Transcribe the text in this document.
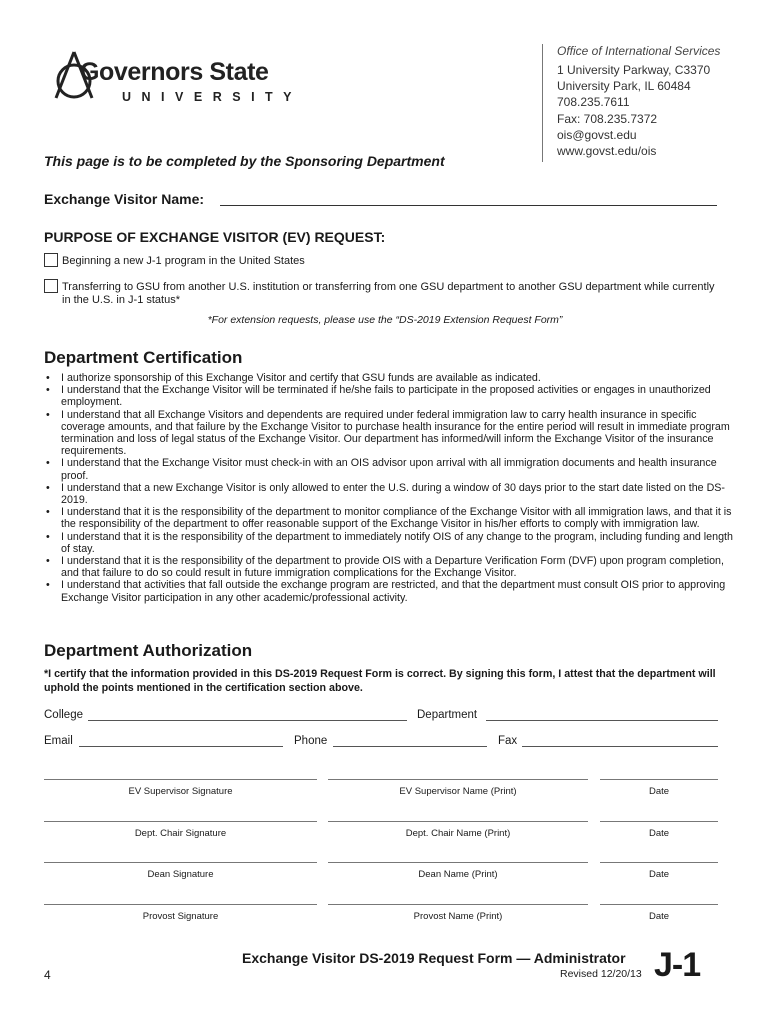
Governors State
UNIVERSITY
Office of International Services
1 University Parkway, C3370
University Park, IL 60484
708.235.7611
Fax: 708.235.7372
ois@govst.edu
www.govst.edu/ois
This page is to be completed by the Sponsoring Department
Exchange Visitor Name:
PURPOSE OF EXCHANGE VISITOR (EV) REQUEST:
Beginning a new J-1 program in the United States
Transferring to GSU from another U.S. institution or transferring from one GSU department to another GSU department while currently in the U.S. in J-1 status*
*For extension requests, please use the “DS-2019 Extension Request Form”
Department Certification
• I authorize sponsorship of this Exchange Visitor and certify that GSU funds are available as indicated.
• I understand that the Exchange Visitor will be terminated if he/she fails to participate in the proposed activities or engages in unauthorized employment.
• I understand that all Exchange Visitors and dependents are required under federal immigration law to carry health insurance in specific coverage amounts, and that failure by the Exchange Visitor to purchase health insurance for the entire period will result in immediate program termination and loss of legal status of the Exchange Visitor. Our department has informed/will inform the Exchange Visitor of the insurance requirements.
• I understand that the Exchange Visitor must check-in with an OIS advisor upon arrival with all immigration documents and health insurance proof.
• I understand that a new Exchange Visitor is only allowed to enter the U.S. during a window of 30 days prior to the start date listed on the DS-2019.
• I understand that it is the responsibility of the department to monitor compliance of the Exchange Visitor with all immigration laws, and that it is the responsibility of the department to offer reasonable support of the Exchange Visitor in his/her efforts to comply with immigration law.
• I understand that it is the responsibility of the department to immediately notify OIS of any change to the program, including funding and length of stay.
• I understand that it is the responsibility of the department to provide OIS with a Departure Verification Form (DVF) upon program completion, and that failure to do so could result in future immigration complications for the Exchange Visitor.
• I understand that activities that fall outside the exchange program are restricted, and that the department must consult OIS prior to approving Exchange Visitor participation in any other academic/professional activity.
Department Authorization
*I certify that the information provided in this DS-2019 Request Form is correct. By signing this form, I attest that the department will uphold the points mentioned in the certification section above.
College	Department
Email	Phone	Fax
EV Supervisor Signature	EV Supervisor Name (Print)	Date
Dept. Chair Signature	Dept. Chair Name (Print)	Date
Dean Signature	Dean Name (Print)	Date
Provost Signature	Provost Name (Print)	Date
4
Exchange Visitor DS-2019 Request Form — Administrator
Revised 12/20/13 J-1
